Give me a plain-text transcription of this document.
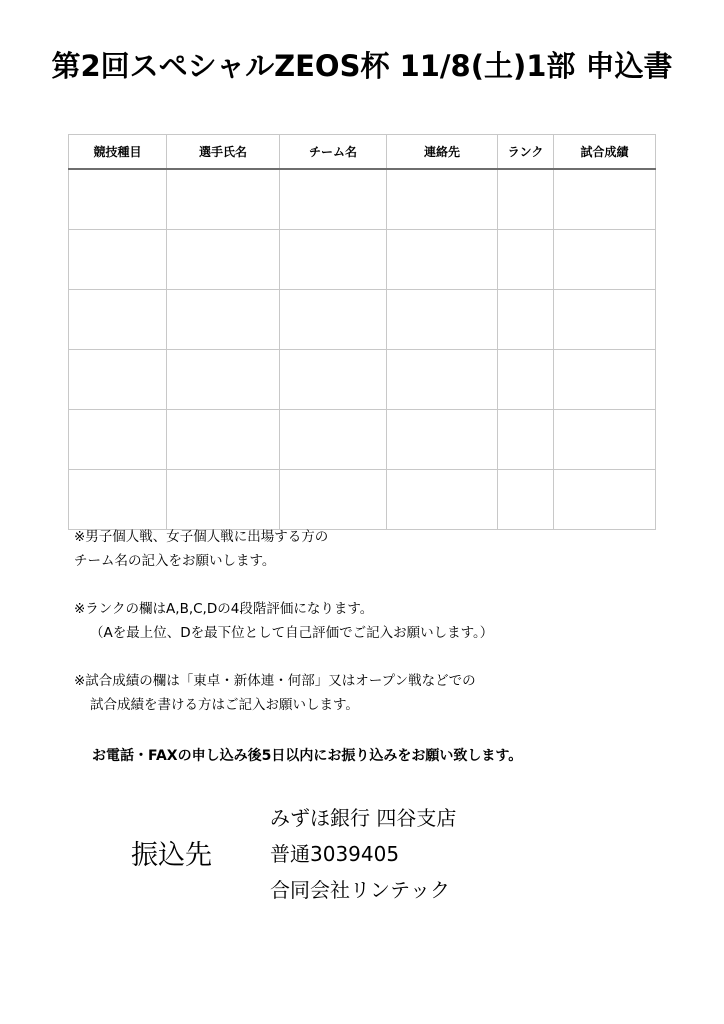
第2回スペシャルZEOS杯 11/8(土)1部 申込書
競技種目	選手氏名	チーム名	連絡先	ランク	試合成績

※男子個人戦、女子個人戦に出場する方の

チーム名の記入をお願いします。

※ランクの欄はA,B,C,Dの4段階評価になります。

（Aを最上位、Dを最下位として自己評価でご記入お願いします。）

※試合成績の欄は「東卓・新体連・何部」又はオープン戦などでの

試合成績を書ける方はご記入お願いします。

お電話・FAXの申し込み後5日以内にお振り込みをお願い致します。
振込先
みずほ銀行 四谷支店
普通3039405
合同会社リンテック
